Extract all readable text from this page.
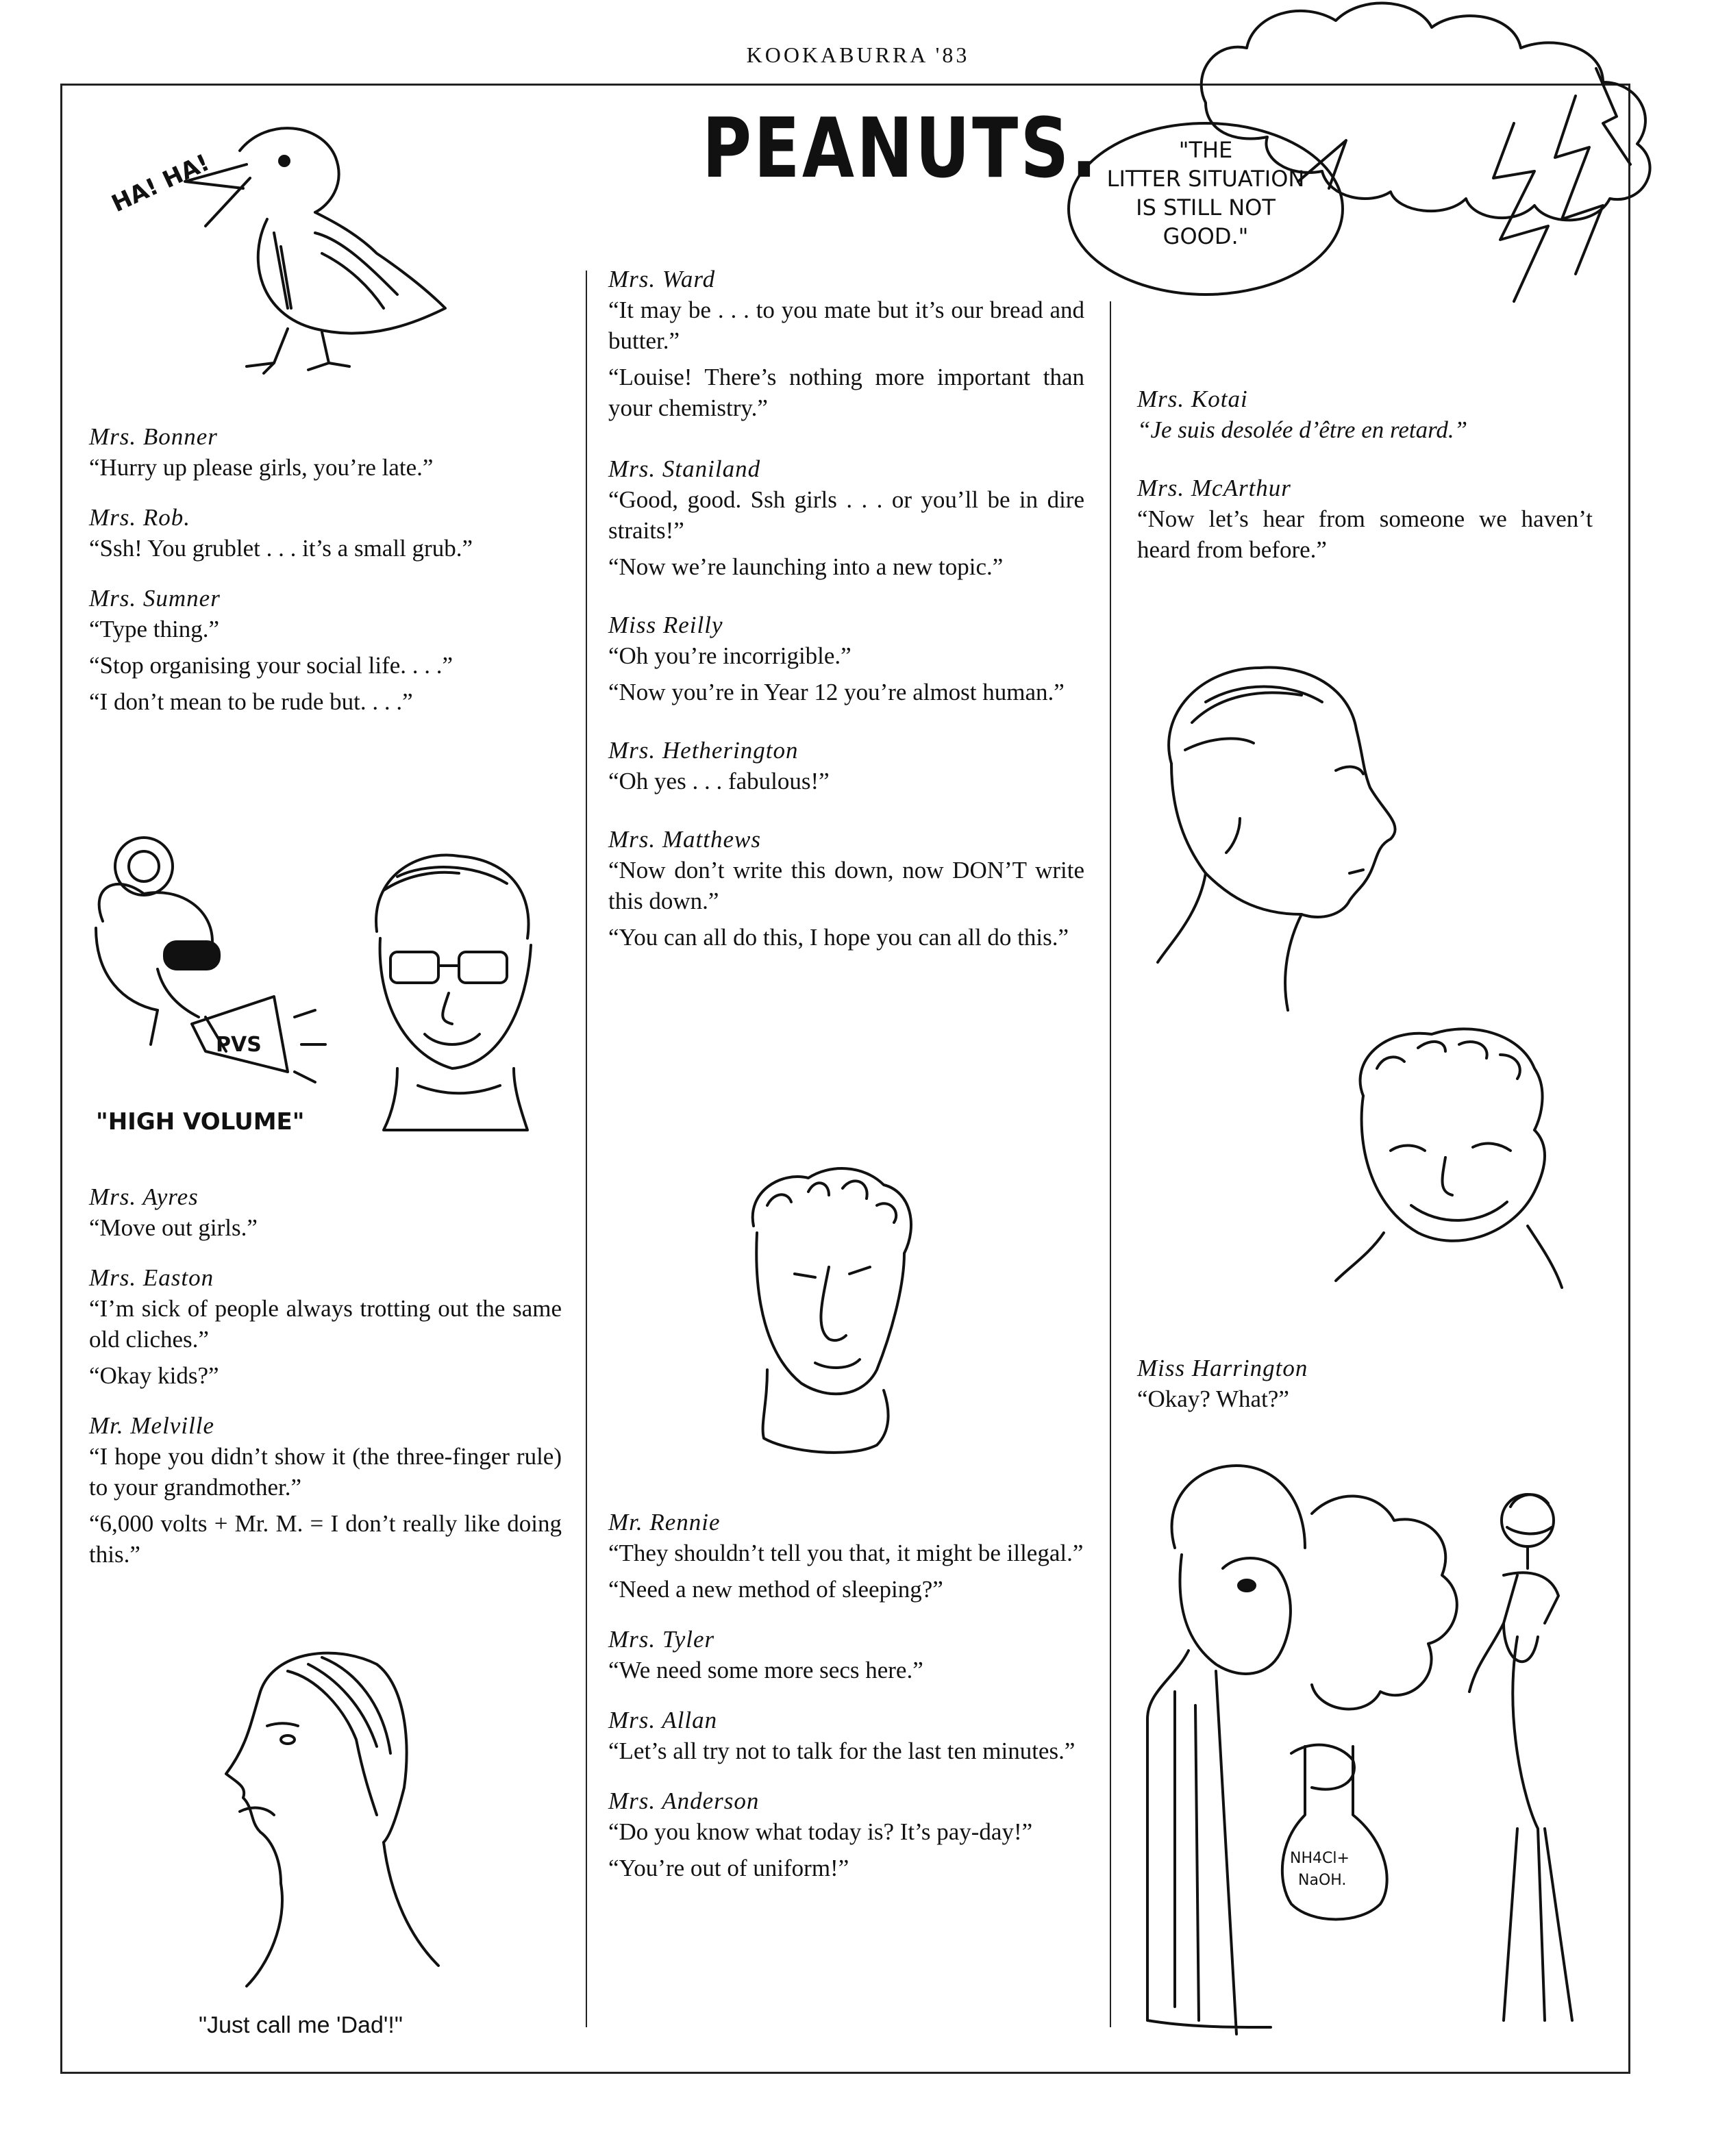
KOOKABURRA '83
PEANUTS.	"THE
LITTER SITUATION
IS STILL NOT
GOOD."
HA! HA!
PVS
"HIGH VOLUME"
"Just call me 'Dad'!"
NH4Cl+
NaOH.

Mrs. Bonner

“Hurry up please girls, you’re late.”

Mrs. Rob.

“Ssh! You grublet . . . it’s a small grub.”

Mrs. Sumner

“Type thing.”

“Stop organising your social life. . . .”

“I don’t mean to be rude but. . . .”

Mrs. Ayres

“Move out girls.”

Mrs. Easton

“I’m sick of people always trotting out the same old cliches.”

“Okay kids?”

Mr. Melville

“I hope you didn’t show it (the three-finger rule) to your grandmother.”

“6,000 volts + Mr. M. = I don’t really like doing this.”

Mrs. Ward

“It may be . . . to you mate but it’s our bread and butter.”

“Louise! There’s nothing more important than your chemistry.”

Mrs. Staniland

“Good, good. Ssh girls . . . or you’ll be in dire straits!”

“Now we’re launching into a new topic.”

Miss Reilly

“Oh you’re incorrigible.”

“Now you’re in Year 12 you’re almost human.”

Mrs. Hetherington

“Oh yes . . . fabulous!”

Mrs. Matthews

“Now don’t write this down, now DON’T write this down.”

“You can all do this, I hope you can all do this.”

Mr. Rennie

“They shouldn’t tell you that, it might be illegal.”

“Need a new method of sleeping?”

Mrs. Tyler

“We need some more secs here.”

Mrs. Allan

“Let’s all try not to talk for the last ten minutes.”

Mrs. Anderson

“Do you know what today is? It’s pay-day!”

“You’re out of uniform!”

Mrs. Kotai

“Je suis desolée d’être en retard.”

Mrs. McArthur

“Now let’s hear from someone we haven’t heard from before.”

Miss Harrington

“Okay? What?”
